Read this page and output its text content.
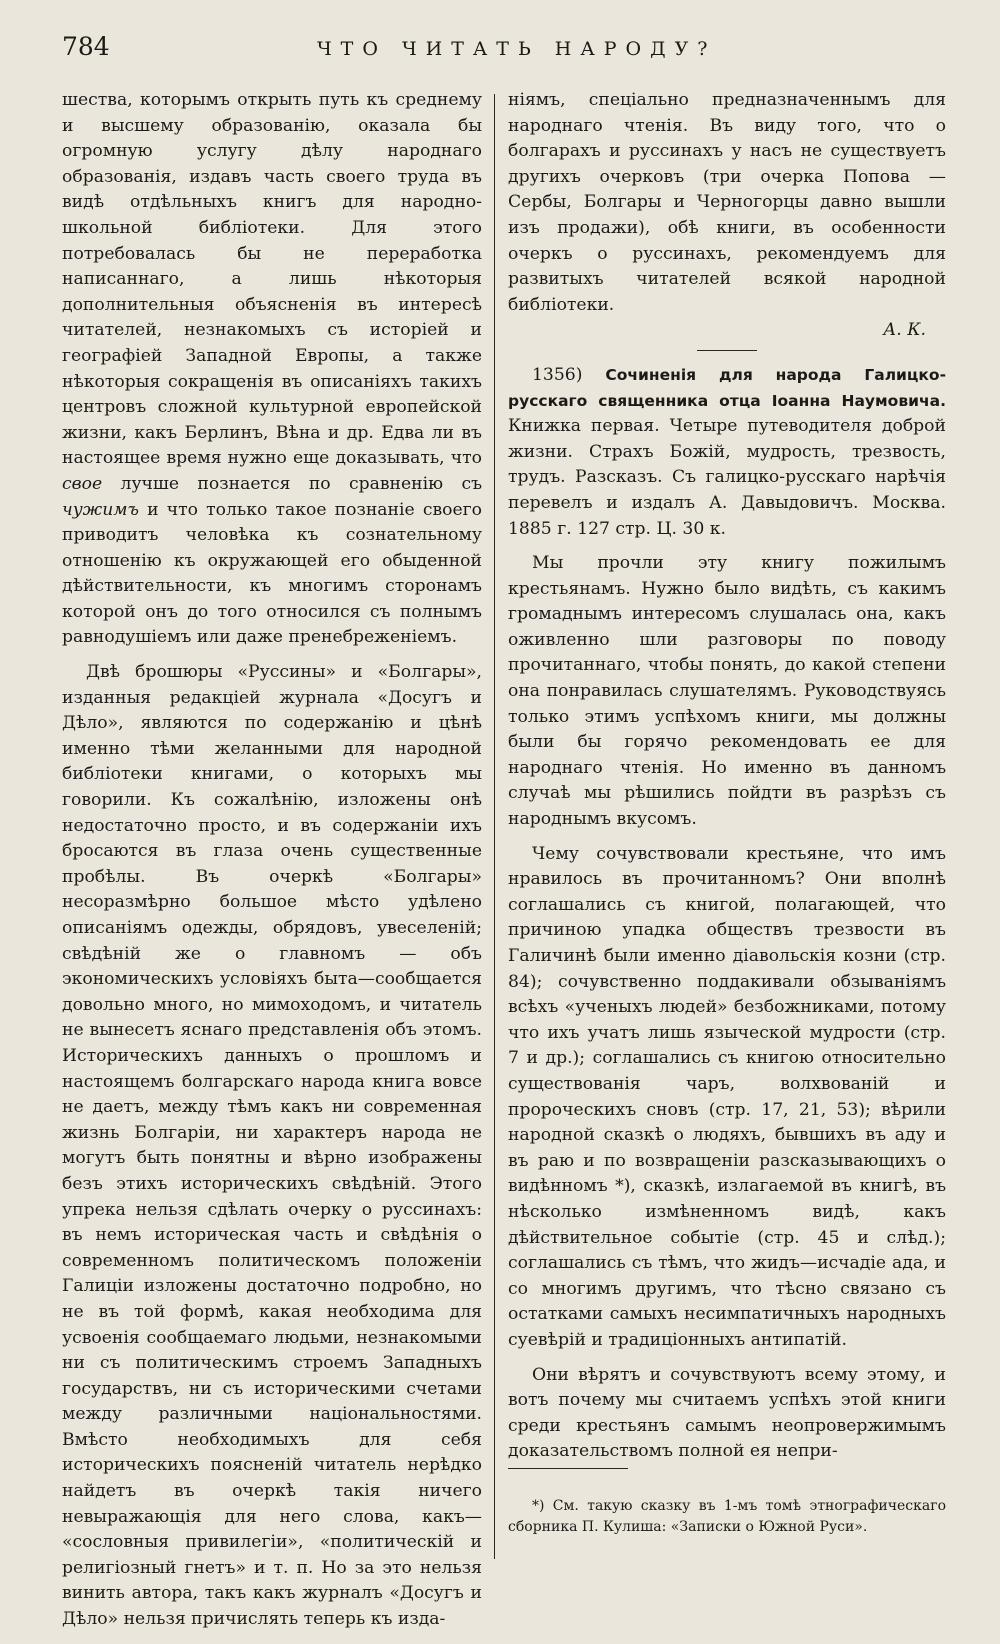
784	ЧТО ЧИТАТЬ НАРОДУ?

шества, которымъ открыть путь къ среднему и высшему образованію, оказала бы огромную услугу дѣлу народнаго образованія, издавъ часть своего труда въ видѣ отдѣльныхъ книгъ для народно-школьной библіотеки. Для этого потребовалась бы не переработка написаннаго, а лишь нѣкоторыя дополнительныя объясненія въ интересѣ читателей, незнакомыхъ съ исторіей и географіей Западной Европы, а также нѣкоторыя сокращенія въ описаніяхъ такихъ центровъ сложной культурной европейской жизни, какъ Берлинъ, Вѣна и др. Едва ли въ настоящее время нужно еще доказывать, что свое лучше познается по сравненію съ чужимъ и что только такое познаніе своего приводитъ человѣка къ сознательному отношенію къ окружающей его обыденной дѣйствительности, къ многимъ сторонамъ которой онъ до того относился съ полнымъ равнодушіемъ или даже пренебреженіемъ.

Двѣ брошюры «Руссины» и «Болгары», изданныя редакціей журнала «Досугъ и Дѣло», являются по содержанію и цѣнѣ именно тѣми желанными для народной библіотеки книгами, о которыхъ мы говорили. Къ сожалѣнію, изложены онѣ недостаточно просто, и въ содержаніи ихъ бросаются въ глаза очень существенные пробѣлы. Въ очеркѣ «Болгары» несоразмѣрно большое мѣсто удѣлено описаніямъ одежды, обрядовъ, увеселеній; свѣдѣній же о главномъ — объ экономическихъ условіяхъ быта—сообщается довольно много, но мимоходомъ, и читатель не вынесетъ яснаго представленія объ этомъ. Историческихъ данныхъ о прошломъ и настоящемъ болгарскаго народа книга вовсе не даетъ, между тѣмъ какъ ни современная жизнь Болгаріи, ни характеръ народа не могутъ быть понятны и вѣрно изображены безъ этихъ историческихъ свѣдѣній. Этого упрека нельзя сдѣлать очерку о руссинахъ: въ немъ историческая часть и свѣдѣнія о современномъ политическомъ положеніи Галиціи изложены достаточно подробно, но не въ той формѣ, какая необходима для усвоенія сообщаемаго людьми, незнакомыми ни съ политическимъ строемъ Западныхъ государствъ, ни съ историческими счетами между различными національностями. Вмѣсто необходимыхъ для себя историческихъ поясненій читатель нерѣдко найдетъ въ очеркѣ такія ничего невыражающія для него слова, какъ— «сословныя привилегіи», «политическій и религіозный гнетъ» и т. п. Но за это нельзя винить автора, такъ какъ журналъ «Досугъ и Дѣло» нельзя причислять теперь къ изда-

ніямъ, спеціально предназначеннымъ для народнаго чтенія. Въ виду того, что о болгарахъ и руссинахъ у насъ не существуетъ другихъ очерковъ (три очерка Попова — Сербы, Болгары и Черногорцы давно вышли изъ продажи), обѣ книги, въ особенности очеркъ о руссинахъ, рекомендуемъ для развитыхъ читателей всякой народной библіотеки.

А. К.

1356) Сочиненія для народа Галицко-русскаго священника отца Іоанна Наумовича. Книжка первая. Четыре путеводителя доброй жизни. Страхъ Божій, мудрость, трезвость, трудъ. Разсказъ. Съ галицко-русскаго нарѣчія перевелъ и издалъ А. Давыдовичъ. Москва. 1885 г. 127 стр. Ц. 30 к.

Мы прочли эту книгу пожилымъ крестьянамъ. Нужно было видѣть, съ какимъ громаднымъ интересомъ слушалась она, какъ оживленно шли разговоры по поводу прочитаннаго, чтобы понять, до какой степени она понравилась слушателямъ. Руководствуясь только этимъ успѣхомъ книги, мы должны были бы горячо рекомендовать ее для народнаго чтенія. Но именно въ данномъ случаѣ мы рѣшились пойдти въ разрѣзъ съ народнымъ вкусомъ.

Чему сочувствовали крестьяне, что имъ нравилось въ прочитанномъ? Они вполнѣ соглашались съ книгой, полагающей, что причиною упадка обществъ трезвости въ Галичинѣ были именно діавольскія козни (стр. 84); сочувственно поддакивали обзываніямъ всѣхъ «ученыхъ людей» безбожниками, потому что ихъ учатъ лишь языческой мудрости (стр. 7 и др.); соглашались съ книгою относительно существованія чаръ, волхвованій и пророческихъ сновъ (стр. 17, 21, 53); вѣрили народной сказкѣ о людяхъ, бывшихъ въ аду и въ раю и по возвращеніи разсказывающихъ о видѣнномъ *), сказкѣ, излагаемой въ книгѣ, въ нѣсколько измѣненномъ видѣ, какъ дѣйствительное событіе (стр. 45 и слѣд.); соглашались съ тѣмъ, что жидъ—исчадіе ада, и со многимъ другимъ, что тѣсно связано съ остатками самыхъ несимпатичныхъ народныхъ суевѣрій и традиціонныхъ антипатій.

Они вѣрятъ и сочувствуютъ всему этому, и вотъ почему мы считаемъ успѣхъ этой книги среди крестьянъ самымъ неопровержимымъ доказательствомъ полной ея непри-

*) См. такую сказку въ 1-мъ томѣ этнографическаго сборника П. Кулиша: «Записки о Южной Руси».
